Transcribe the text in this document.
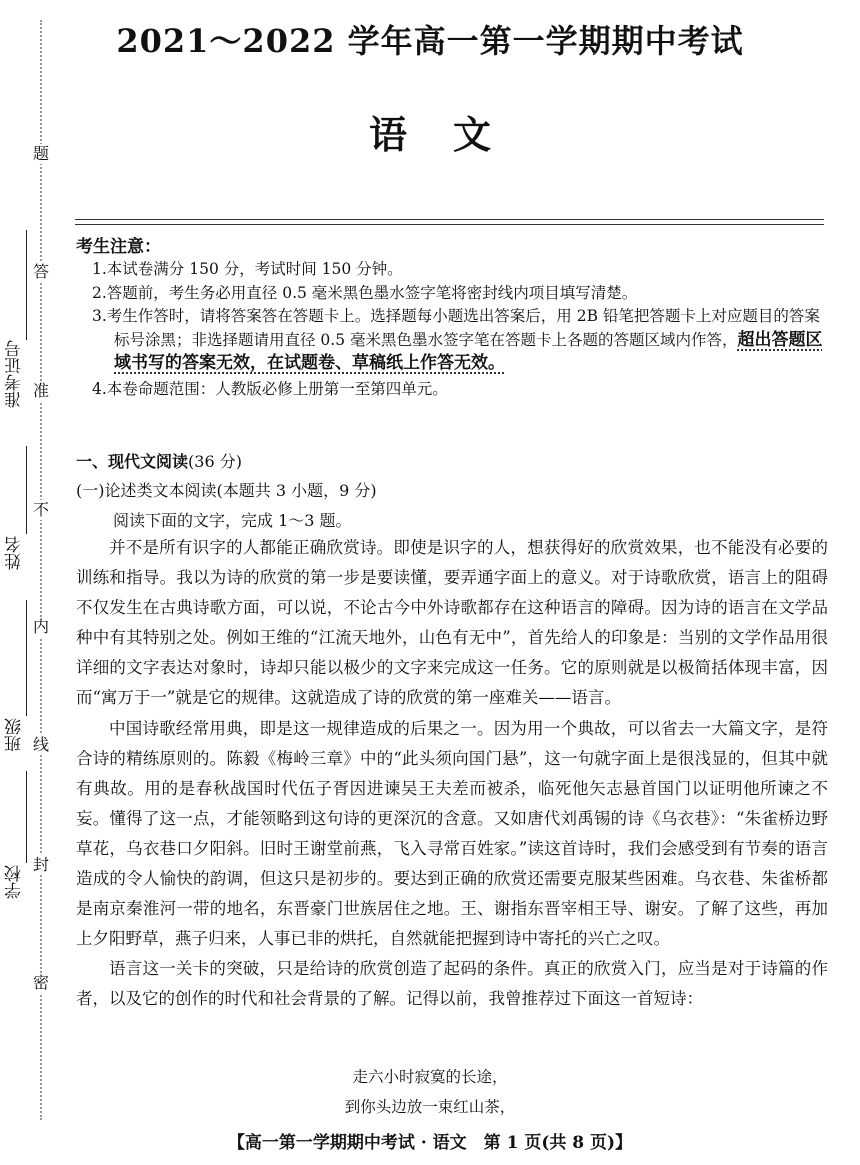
题
答
准
不
内
线
封
密
准考证号
姓名
班级
学校
2021～2022 学年高一第一学期期中考试
语文
考生注意：

1.本试卷满分 150 分，考试时间 150 分钟。

2.答题前，考生务必用直径 0.5 毫米黑色墨水签字笔将密封线内项目填写清楚。

3.考生作答时，请将答案答在答题卡上。选择题每小题选出答案后，用 2B 铅笔把答题卡上对应题目的答案标号涂黑；非选择题请用直径 0.5 毫米黑色墨水签字笔在答题卡上各题的答题区域内作答，超出答题区域书写的答案无效，在试题卷、草稿纸上作答无效。

4.本卷命题范围：人教版必修上册第一至第四单元。

一、现代文阅读(36 分)
(一)论述类文本阅读(本题共 3 小题，9 分)
阅读下面的文字，完成 1～3 题。

并不是所有识字的人都能正确欣赏诗。即使是识字的人，想获得好的欣赏效果，也不能没有必要的训练和指导。我以为诗的欣赏的第一步是要读懂，要弄通字面上的意义。对于诗歌欣赏，语言上的阻碍不仅发生在古典诗歌方面，可以说，不论古今中外诗歌都存在这种语言的障碍。因为诗的语言在文学品种中有其特别之处。例如王维的“江流天地外，山色有无中”，首先给人的印象是：当别的文学作品用很详细的文字表达对象时，诗却只能以极少的文字来完成这一任务。它的原则就是以极简括体现丰富，因而“寓万于一”就是它的规律。这就造成了诗的欣赏的第一座难关——语言。

中国诗歌经常用典，即是这一规律造成的后果之一。因为用一个典故，可以省去一大篇文字，是符合诗的精练原则的。陈毅《梅岭三章》中的“此头须向国门悬”，这一句就字面上是很浅显的，但其中就有典故。用的是春秋战国时代伍子胥因进谏吴王夫差而被杀，临死他矢志悬首国门以证明他所谏之不妄。懂得了这一点，才能领略到这句诗的更深沉的含意。又如唐代刘禹锡的诗《乌衣巷》：“朱雀桥边野草花，乌衣巷口夕阳斜。旧时王谢堂前燕，飞入寻常百姓家。”读这首诗时，我们会感受到有节奏的语言造成的令人愉快的韵调，但这只是初步的。要达到正确的欣赏还需要克服某些困难。乌衣巷、朱雀桥都是南京秦淮河一带的地名，东晋豪门世族居住之地。王、谢指东晋宰相王导、谢安。了解了这些，再加上夕阳野草，燕子归来，人事已非的烘托，自然就能把握到诗中寄托的兴亡之叹。

语言这一关卡的突破，只是给诗的欣赏创造了起码的条件。真正的欣赏入门，应当是对于诗篇的作者，以及它的创作的时代和社会背景的了解。记得以前，我曾推荐过下面这一首短诗：

走六小时寂寞的长途，
到你头边放一束红山茶，
【高一第一学期期中考试 · 语文　第 1 页(共 8 页)】
